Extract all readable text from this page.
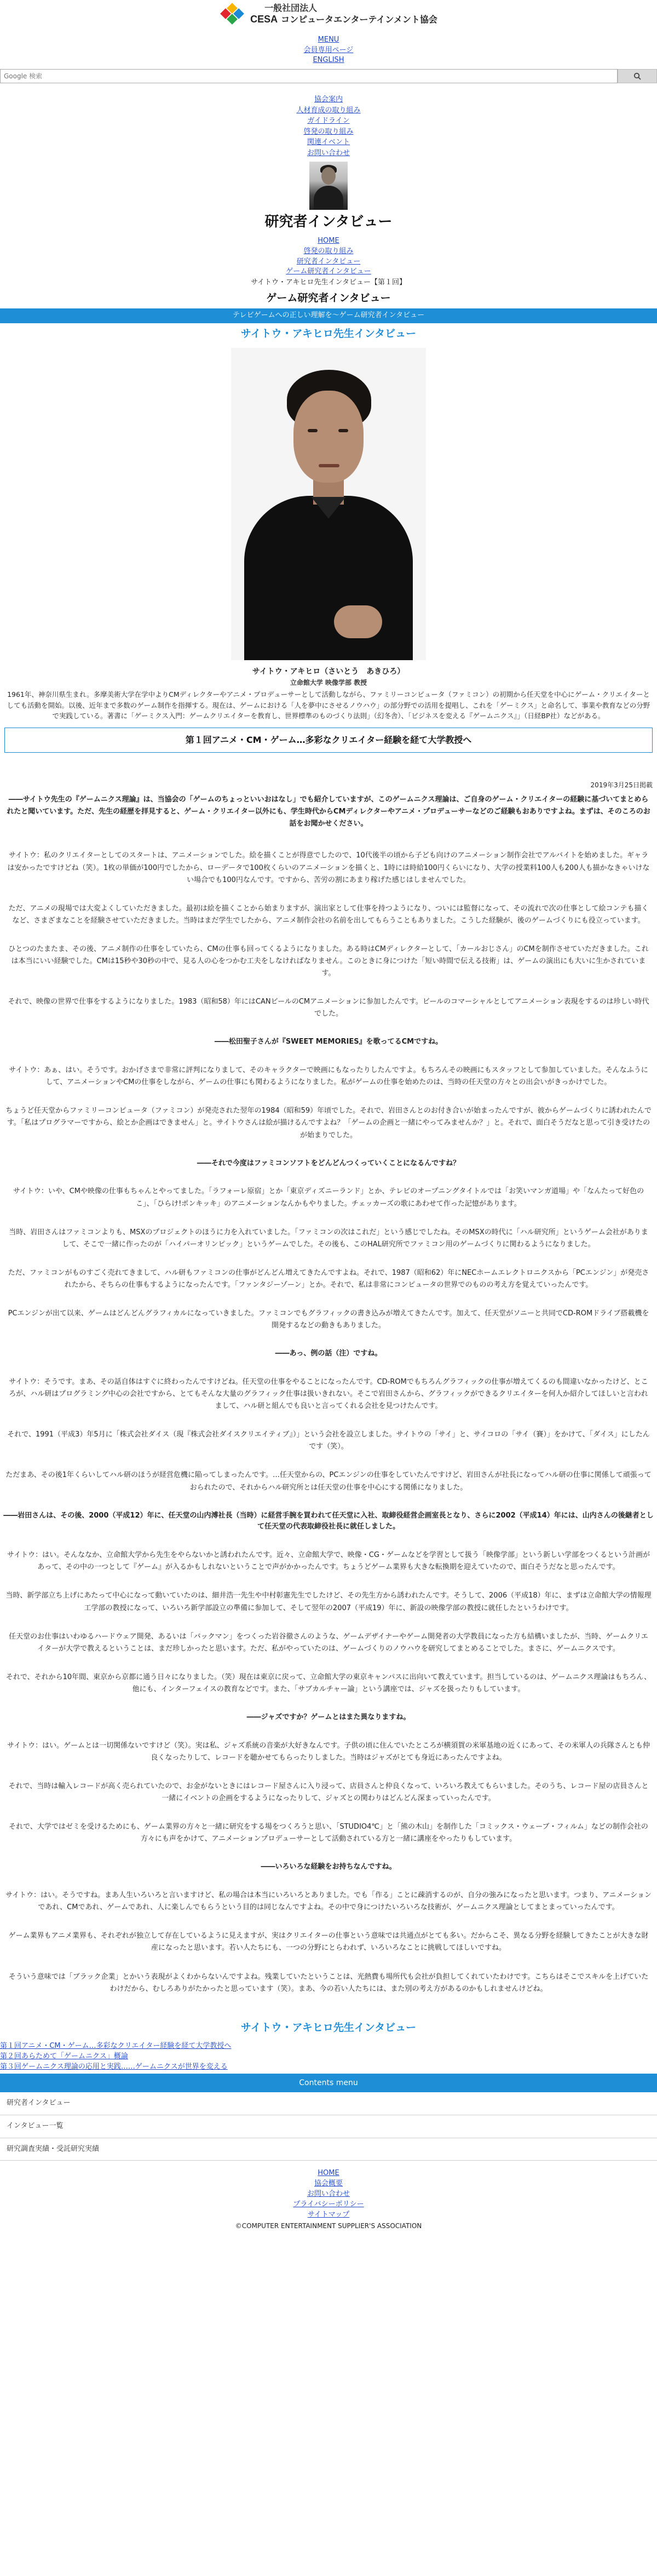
一般社団法人
CESA コンピュータエンターテインメント協会
MENU
会員専用ページ
ENGLISH
Google 検索
協会案内
人材育成の取り組み
ガイドライン
啓発の取り組み
関連イベント
お問い合わせ
研究者インタビュー
HOME
啓発の取り組み
研究者インタビュー
ゲーム研究者インタビュー
サイトウ・アキヒロ先生インタビュー【第１回】
ゲーム研究者インタビュー
テレビゲームへの正しい理解を～ゲーム研究者インタビュー
サイトウ・アキヒロ先生インタビュー
サイトウ・アキヒロ（さいとう　あきひろ）
立命館大学 映像学部 教授
1961年、神奈川県生まれ。多摩美術大学在学中よりCMディレクターやアニメ・プロデューサーとして活動しながら、ファミリーコンピュータ（ファミコン）の初期から任天堂を中心にゲーム・クリエイターとしても活動を開始。以後、近年まで多数のゲーム制作を指揮する。現在は、ゲームにおける「人を夢中にさせるノウハウ」の部分野での活用を提唱し、これを「ゲーミクス」と命名して、事業や教育などの分野で実践している。著書に「ゲーミクス入門：ゲームクリエイターを教育し、世界標準のものづくり法則」（幻冬舎）、「ビジネスを変える『ゲームニクス』」（日経BP社）などがある。
第１回アニメ・CM・ゲーム…多彩なクリエイター経験を経て大学教授へ
2019年3月25日掲載
――サイトウ先生の『ゲームニクス理論』は、当協会の「ゲームのちょっといいおはなし」でも紹介していますが、このゲームニクス理論は、ご自身のゲーム・クリエイターの経験に基づいてまとめられたと聞いています。ただ、先生の経歴を拝見すると、ゲーム・クリエイター以外にも、学生時代からCMディレクターやアニメ・プロデューサーなどのご経験もおありですよね。まずは、そのころのお話をお聞かせください。

サイトウ：私のクリエイターとしてのスタートは、アニメーションでした。絵を描くことが得意でしたので、10代後半の頃から子ども向けのアニメーション制作会社でアルバイトを始めました。ギャラは安かったですけどね（笑）。1枚の単価が100円でしたから、ローデータで100枚くらいのアニメーションを描くと、1時には時給100円くらいになり、大学の授業料100人も200人も描かなきゃいけない場合でも100円なんです。ですから、苦労の割にあまり稼げた感じはしませんでした。

ただ、アニメの現場では大変よくしていただきました。最初は絵を描くことから始まりますが、演出家として仕事を持つようになり、ついには監督になって、その流れで次の仕事として絵コンテも描くなど、さまざまなことを経験させていただきました。当時はまだ学生でしたから、アニメ制作会社の名前を出してもらうこともありました。こうした経験が、後のゲームづくりにも役立っています。

ひとつのたまたま、その後、アニメ制作の仕事をしていたら、CMの仕事も回ってくるようになりました。ある時はCMディレクターとして、「カールおじさん」のCMを制作させていただきました。これは本当にいい経験でした。CMは15秒や30秒の中で、見る人の心をつかむ工夫をしなければなりません。このときに身につけた「短い時間で伝える技術」は、ゲームの演出にも大いに生かされています。

それで、映像の世界で仕事をするようになりました。1983（昭和58）年にはCANビールのCMアニメーションに参加したんです。ビールのコマーシャルとしてアニメーション表現をするのは珍しい時代でした。

――松田聖子さんが『SWEET MEMORIES』を歌ってるCMですね。

サイトウ：あぁ、はい。そうです。おかげさまで非常に評判になりまして、そのキャラクターで映画にもなったりしたんですよ。もちろんその映画にもスタッフとして参加していました。そんなふうにして、アニメーションやCMの仕事をしながら、ゲームの仕事にも関わるようになりました。私がゲームの仕事を始めたのは、当時の任天堂の方々との出会いがきっかけでした。

ちょうど任天堂からファミリーコンピュータ（ファミコン）が発売された翌年の1984（昭和59）年頃でした。それで、岩田さんとのお付き合いが始まったんですが、彼からゲームづくりに誘われたんです。「私はプログラマーですから、絵とか企画はできません」と。サイトウさんは絵が描けるんですよね？「ゲームの企画と一緒にやってみませんか？」と。それで、面白そうだなと思って引き受けたのが始まりでした。

――それで今度はファミコンソフトをどんどんつくっていくことになるんですね？

サイトウ：いや、CMや映像の仕事もちゃんとやってました。「ラフォーレ原宿」とか「東京ディズニーランド」とか、テレビのオープニングタイトルでは「お笑いマンガ道場」や「なんたって好色のこ」、「ひらけ!ポンキッキ」のアニメーションなんかもやりました。チェッカーズの歌にあわせて作った記憶があります。

当時、岩田さんはファミコンよりも、MSXのプロジェクトのほうに力を入れていました。「ファミコンの次はこれだ」という感じでしたね。そのMSXの時代に「ハル研究所」というゲーム会社がありまして、そこで一緒に作ったのが「ハイパーオリンピック」というゲームでした。その後も、このHAL研究所でファミコン用のゲームづくりに関わるようになりました。

ただ、ファミコンがものすごく売れてきまして、ハル研もファミコンの仕事がどんどん増えてきたんですよね。それで、1987（昭和62）年にNECホームエレクトロニクスから「PCエンジン」が発売されたから、そちらの仕事もするようになったんです。「ファンタジーゾーン」とか。それで、私は非常にコンピュータの世界でのものの考え方を覚えていったんです。

PCエンジンが出て以来、ゲームはどんどんグラフィカルになっていきました。ファミコンでもグラフィックの書き込みが増えてきたんです。加えて、任天堂がソニーと共同でCD-ROMドライブ搭載機を開発するなどの動きもありました。

――あっ、例の話（注）ですね。

サイトウ：そうです。まあ、その話自体はすぐに終わったんですけどね。任天堂の仕事をやることになったんです。CD-ROMでもちろんグラフィックの仕事が増えてくるのも間違いなかったけど、ところが、ハル研はプログラミング中心の会社ですから、とてもそんな大量のグラフィック仕事は扱いきれない。そこで岩田さんから、グラフィックができるクリエイターを何人か紹介してほしいと言われまして、ハル研と組んでも良いと言ってくれる会社を見つけたんです。

それで、1991（平成3）年5月に「株式会社ダイス（現『株式会社ダイスクリエイティブ』）」という会社を設立しました。サイトウの「サイ」と、サイコロの「サイ（賽）」をかけて、「ダイス」にしたんです（笑）。

ただまあ、その後1年くらいしてハル研のほうが経営危機に陥ってしまったんです。…任天堂からの、PCエンジンの仕事をしていたんですけど、岩田さんが社長になってハル研の仕事に関係して頑張っておられたので、それからハル研究所とは任天堂の仕事を中心にする関係になりました。

――岩田さんは、その後、2000（平成12）年に、任天堂の山内溥社長（当時）に経営手腕を買われて任天堂に入社、取締役経営企画室長となり、さらに2002（平成14）年には、山内さんの後継者として任天堂の代表取締役社長に就任しました。

サイトウ：はい。そんななか、立命館大学から先生をやらないかと誘われたんです。近々、立命館大学で、映像・CG・ゲームなどを学習として扱う「映像学部」という新しい学部をつくるという計画があって、その中の一つとして『ゲーム』が入るかもしれないということで声がかかったんです。ちょうどゲーム業界も大きな転換期を迎えていたので、面白そうだなと思ったんです。

当時、新学部立ち上げにあたって中心になって動いていたのは、細井浩一先生や中村彰憲先生でしたけど、その先生方から誘われたんです。そうして、2006（平成18）年に、まずは立命館大学の情報理工学部の教授になって、いろいろ新学部設立の準備に参加して、そして翌年の2007（平成19）年に、新設の映像学部の教授に就任したというわけです。

任天堂のお仕事はいわゆるハードウェア開発、あるいは「バックマン」をつくった岩谷徹さんのような、ゲームデザイナーやゲーム開発者の大学教員になった方も結構いましたが、当時、ゲームクリエイターが大学で教えるということは、まだ珍しかったと思います。ただ、私がやっていたのは、ゲームづくりのノウハウを研究してまとめることでした。まさに、ゲームニクスです。

それで、それから10年間、東京から京都に通う日々になりました。（笑）現在は東京に戻って、立命館大学の東京キャンパスに出向いて教えています。担当しているのは、ゲームニクス理論はもちろん、他にも、インターフェイスの教育などです。また、「サブカルチャー論」という講座では、ジャズを扱ったりもしています。

――ジャズですか？ゲームとはまた異なりますね。

サイトウ：はい。ゲームとは一切関係ないですけど（笑）。実は私、ジャズ系統の音楽が大好きなんです。子供の頃に住んでいたところが横須賀の米軍基地の近くにあって、その米軍人の兵隊さんとも仲良くなったりして、レコードを聴かせてもらったりしました。当時はジャズがとても身近にあったんですよね。

それで、当時は輸入レコードが高く売られていたので、お金がないときにはレコード屋さんに入り浸って、店員さんと仲良くなって、いろいろ教えてもらいました。そのうち、レコード屋の店員さんと一緒にイベントの企画をするようになったりして、ジャズとの関わりはどんどん深まっていったんです。

それで、大学ではゼミを受けるためにも、ゲーム業界の方々と一緒に研究をする場をつくろうと思い、「STUDIO4℃」と「熊の木山」を制作した「コミックス・ウェーブ・フィルム」などの制作会社の方々にも声をかけて、アニメーションプロデューサーとして活動されている方と一緒に講座をやったりもしています。

――いろいろな経験をお持ちなんですね。

サイトウ：はい。そうですね。まあ人生いろいろと言いますけど、私の場合は本当にいろいろとありました。でも「作る」ことに疎消するのが、自分の強みになったと思います。つまり、アニメーションであれ、CMであれ、ゲームであれ、人に楽しんでもらうという目的は同じなんですよね。その中で身につけたいろいろな技術が、ゲームニクス理論としてまとまっていったんです。

ゲーム業界もアニメ業界も、それぞれが独立して存在しているように見えますが、実はクリエイターの仕事という意味では共通点がとても多い。だからこそ、異なる分野を経験してきたことが大きな財産になったと思います。若い人たちにも、一つの分野にとらわれず、いろいろなことに挑戦してほしいですね。

そういう意味では「ブラック企業」とかいう表現がよくわからないんですよね。残業していたということは、光熱費も場所代も会社が負担してくれていたわけです。こちらはそこでスキルを上げていたわけだから、むしろありがたかったと思っています（笑）。まあ、今の若い人たちには、また別の考え方があるのかもしれませんけどね。

サイトウ・アキヒロ先生インタビュー
第１回アニメ・CM・ゲーム…多彩なクリエイター経験を経て大学教授へ
第２回あらためて「ゲームニクス」概論
第３回ゲームニクス理論の応用と実践……ゲームニクスが世界を変える
Contents menu
研究者インタビュー
インタビュー一覧
研究調査実績・受託研究実績
HOME
協会概要
お問い合わせ
プライバシーポリシー
サイトマップ
©COMPUTER ENTERTAINMENT SUPPLIER'S ASSOCIATION
